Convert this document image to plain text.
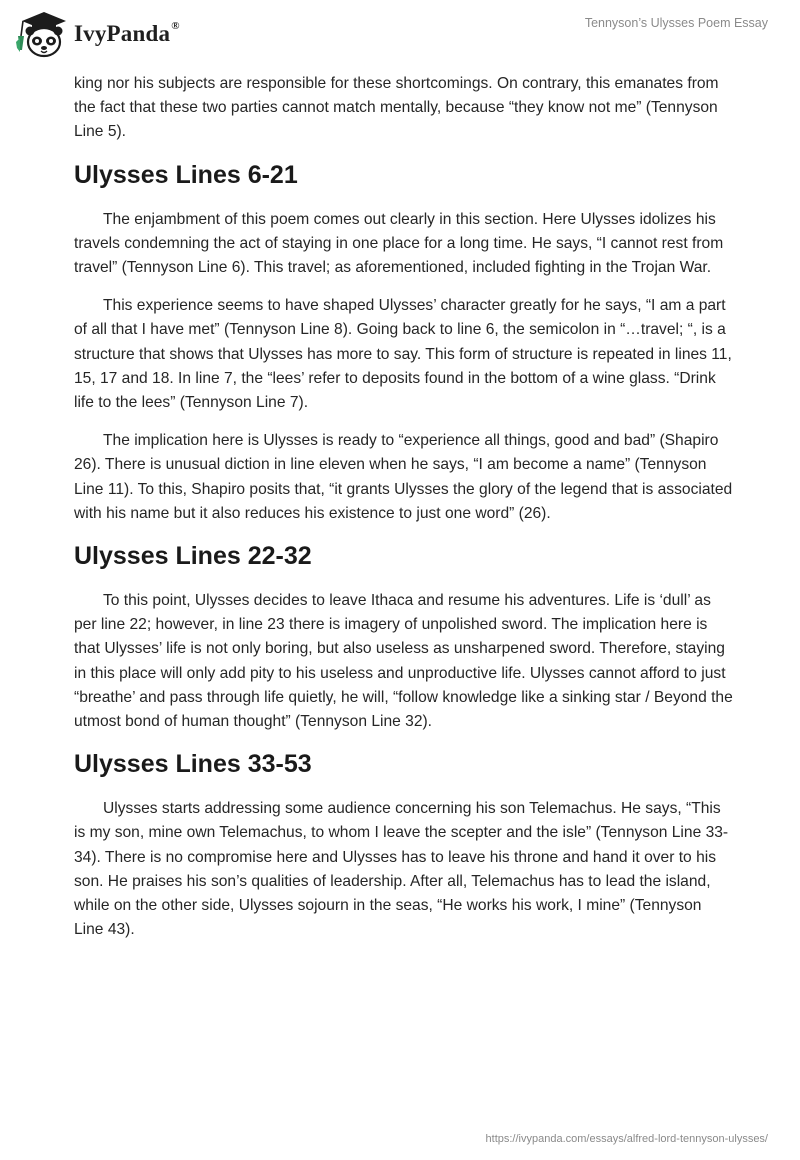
IvyPanda®	Tennyson’s Ulysses Poem Essay

king nor his subjects are responsible for these shortcomings. On contrary, this emanates from the fact that these two parties cannot match mentally, because “they know not me” (Tennyson Line 5).

Ulysses Lines 6-21

The enjambment of this poem comes out clearly in this section. Here Ulysses idolizes his travels condemning the act of staying in one place for a long time. He says, “I cannot rest from travel” (Tennyson Line 6). This travel; as aforementioned, included fighting in the Trojan War.

This experience seems to have shaped Ulysses’ character greatly for he says, “I am a part of all that I have met” (Tennyson Line 8). Going back to line 6, the semicolon in “…travel; “, is a structure that shows that Ulysses has more to say. This form of structure is repeated in lines 11, 15, 17 and 18. In line 7, the “lees’ refer to deposits found in the bottom of a wine glass. “Drink life to the lees” (Tennyson Line 7).

The implication here is Ulysses is ready to “experience all things, good and bad” (Shapiro 26). There is unusual diction in line eleven when he says, “I am become a name” (Tennyson Line 11). To this, Shapiro posits that, “it grants Ulysses the glory of the legend that is associated with his name but it also reduces his existence to just one word” (26).

Ulysses Lines 22-32

To this point, Ulysses decides to leave Ithaca and resume his adventures. Life is ‘dull’ as per line 22; however, in line 23 there is imagery of unpolished sword. The implication here is that Ulysses’ life is not only boring, but also useless as unsharpened sword. Therefore, staying in this place will only add pity to his useless and unproductive life. Ulysses cannot afford to just “breathe’ and pass through life quietly, he will, “follow knowledge like a sinking star / Beyond the utmost bond of human thought” (Tennyson Line 32).

Ulysses Lines 33-53

Ulysses starts addressing some audience concerning his son Telemachus. He says, “This is my son, mine own Telemachus, to whom I leave the scepter and the isle” (Tennyson Line 33-34). There is no compromise here and Ulysses has to leave his throne and hand it over to his son. He praises his son’s qualities of leadership. After all, Telemachus has to lead the island, while on the other side, Ulysses sojourn in the seas, “He works his work, I mine” (Tennyson Line 43).

https://ivypanda.com/essays/alfred-lord-tennyson-ulysses/
